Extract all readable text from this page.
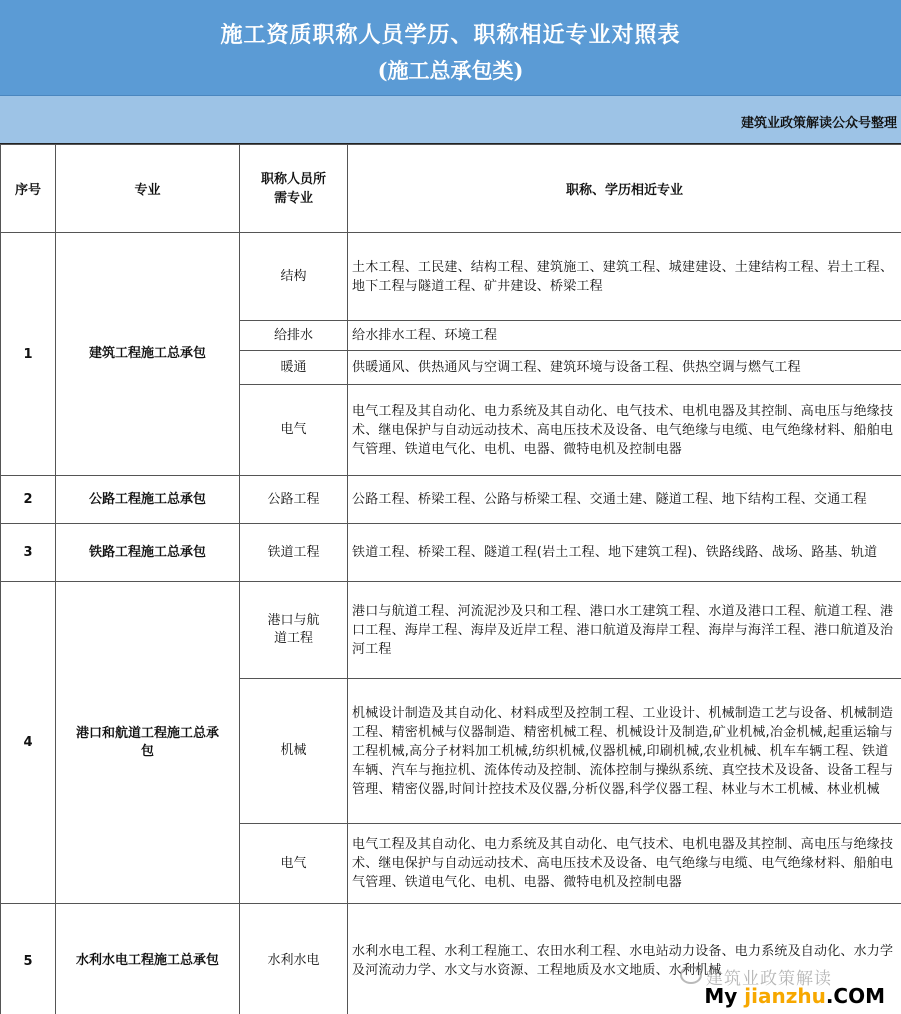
施工资质职称人员学历、职称相近专业对照表
(施工总承包类)
建筑业政策解读公众号整理
序号	专业	职称人员所需专业	职称、学历相近专业
1	建筑工程施工总承包	结构	土木工程、工民建、结构工程、建筑施工、建筑工程、城建建设、土建结构工程、岩土工程、地下工程与隧道工程、矿井建设、桥梁工程
		给排水	给水排水工程、环境工程
		暖通	供暖通风、供热通风与空调工程、建筑环境与设备工程、供热空调与燃气工程
		电气	电气工程及其自动化、电力系统及其自动化、电气技术、电机电器及其控制、高电压与绝缘技术、继电保护与自动远动技术、高电压技术及设备、电气绝缘与电缆、电气绝缘材料、船舶电气管理、铁道电气化、电机、电器、微特电机及控制电器
2	公路工程施工总承包	公路工程	公路工程、桥梁工程、公路与桥梁工程、交通土建、隧道工程、地下结构工程、交通工程
3	铁路工程施工总承包	铁道工程	铁道工程、桥梁工程、隧道工程(岩土工程、地下建筑工程)、铁路线路、战场、路基、轨道
4	港口和航道工程施工总承包	港口与航道工程	港口与航道工程、河流泥沙及只和工程、港口水工建筑工程、水道及港口工程、航道工程、港口工程、海岸工程、海岸及近岸工程、港口航道及海岸工程、海岸与海洋工程、港口航道及治河工程
		机械	机械设计制造及其自动化、材料成型及控制工程、工业设计、机械制造工艺与设备、机械制造工程、精密机械与仪器制造、精密机械工程、机械设计及制造,矿业机械,冶金机械,起重运输与工程机械,高分子材料加工机械,纺织机械,仪器机械,印刷机械,农业机械、机车车辆工程、铁道车辆、汽车与拖拉机、流体传动及控制、流体控制与操纵系统、真空技术及设备、设备工程与管理、精密仪器,时间计控技术及仪器,分析仪器,科学仪器工程、林业与木工机械、林业机械
		电气	电气工程及其自动化、电力系统及其自动化、电气技术、电机电器及其控制、高电压与绝缘技术、继电保护与自动远动技术、高电压技术及设备、电气绝缘与电缆、电气绝缘材料、船舶电气管理、铁道电气化、电机、电器、微特电机及控制电器
5	水利水电工程施工总承包	水利水电	水利水电工程、水利工程施工、农田水利工程、水电站动力设备、电力系统及自动化、水力学及河流动力学、水文与水资源、工程地质及水文地质、水利机械
建筑业政策解读
My jianzhu.COM
